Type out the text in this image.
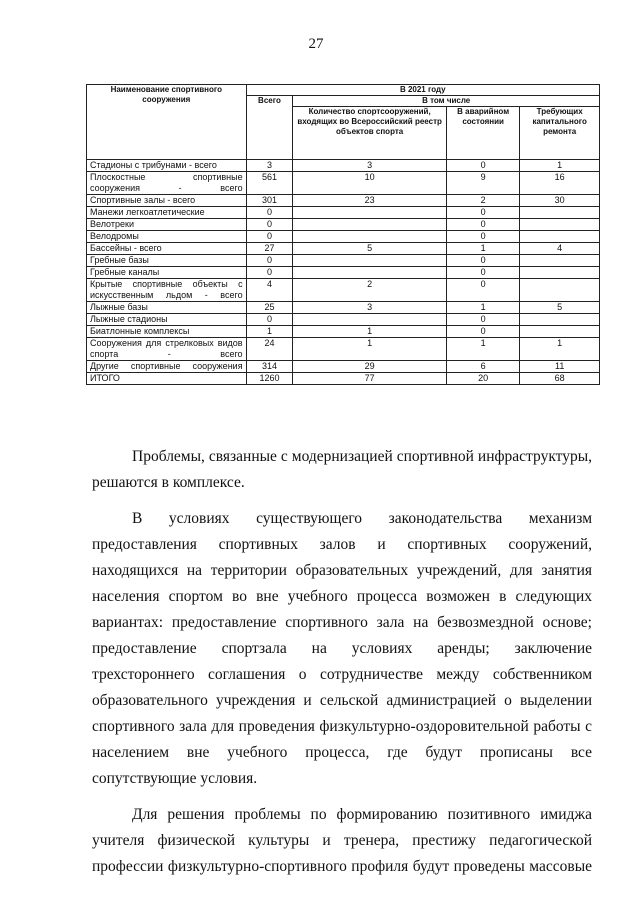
27
Наименование спортивного сооружения	В 2021 году			
	Всего	В том числе		
		Количество спортсооружений, входящих во Всероссийский реестр объектов спорта	В аварийном состоянии	Требующих капитального ремонта
Стадионы с трибунами - всего	3	3	0	1
Плоскостные спортивные сооружения - всего	561	10	9	16
Спортивные залы - всего	301	23	2	30
Манежи легкоатлетические	0		0	
Велотреки	0		0	
Велодромы	0		0	
Бассейны - всего	27	5	1	4
Гребные базы	0		0	
Гребные каналы	0		0	
Крытые спортивные объекты с искусственным льдом - всего	4	2	0	
Лыжные базы	25	3	1	5
Лыжные стадионы	0		0	
Биатлонные комплексы	1	1	0	
Сооружения для стрелковых видов спорта - всего	24	1	1	1
Другие спортивные сооружения	314	29	6	11
ИТОГО	1260	77	20	68

Проблемы, связанные с модернизацией спортивной инфраструктуры, решаются в комплексе.

В условиях существующего законодательства механизм предоставления спортивных залов и спортивных сооружений, находящихся на территории образовательных учреждений, для занятия населения спортом во вне учебного процесса возможен в следующих вариантах: предоставление спортивного зала на безвозмездной основе; предоставление спортзала на условиях аренды; заключение трехстороннего соглашения о сотрудничестве между собственником образовательного учреждения и сельской администрацией о выделении спортивного зала для проведения физкультурно-оздоровительной работы с населением вне учебного процесса, где будут прописаны все сопутствующие условия.

Для решения проблемы по формированию позитивного имиджа учителя физической культуры и тренера, престижу педагогической профессии физкультурно-спортивного профиля будут проведены массовые
